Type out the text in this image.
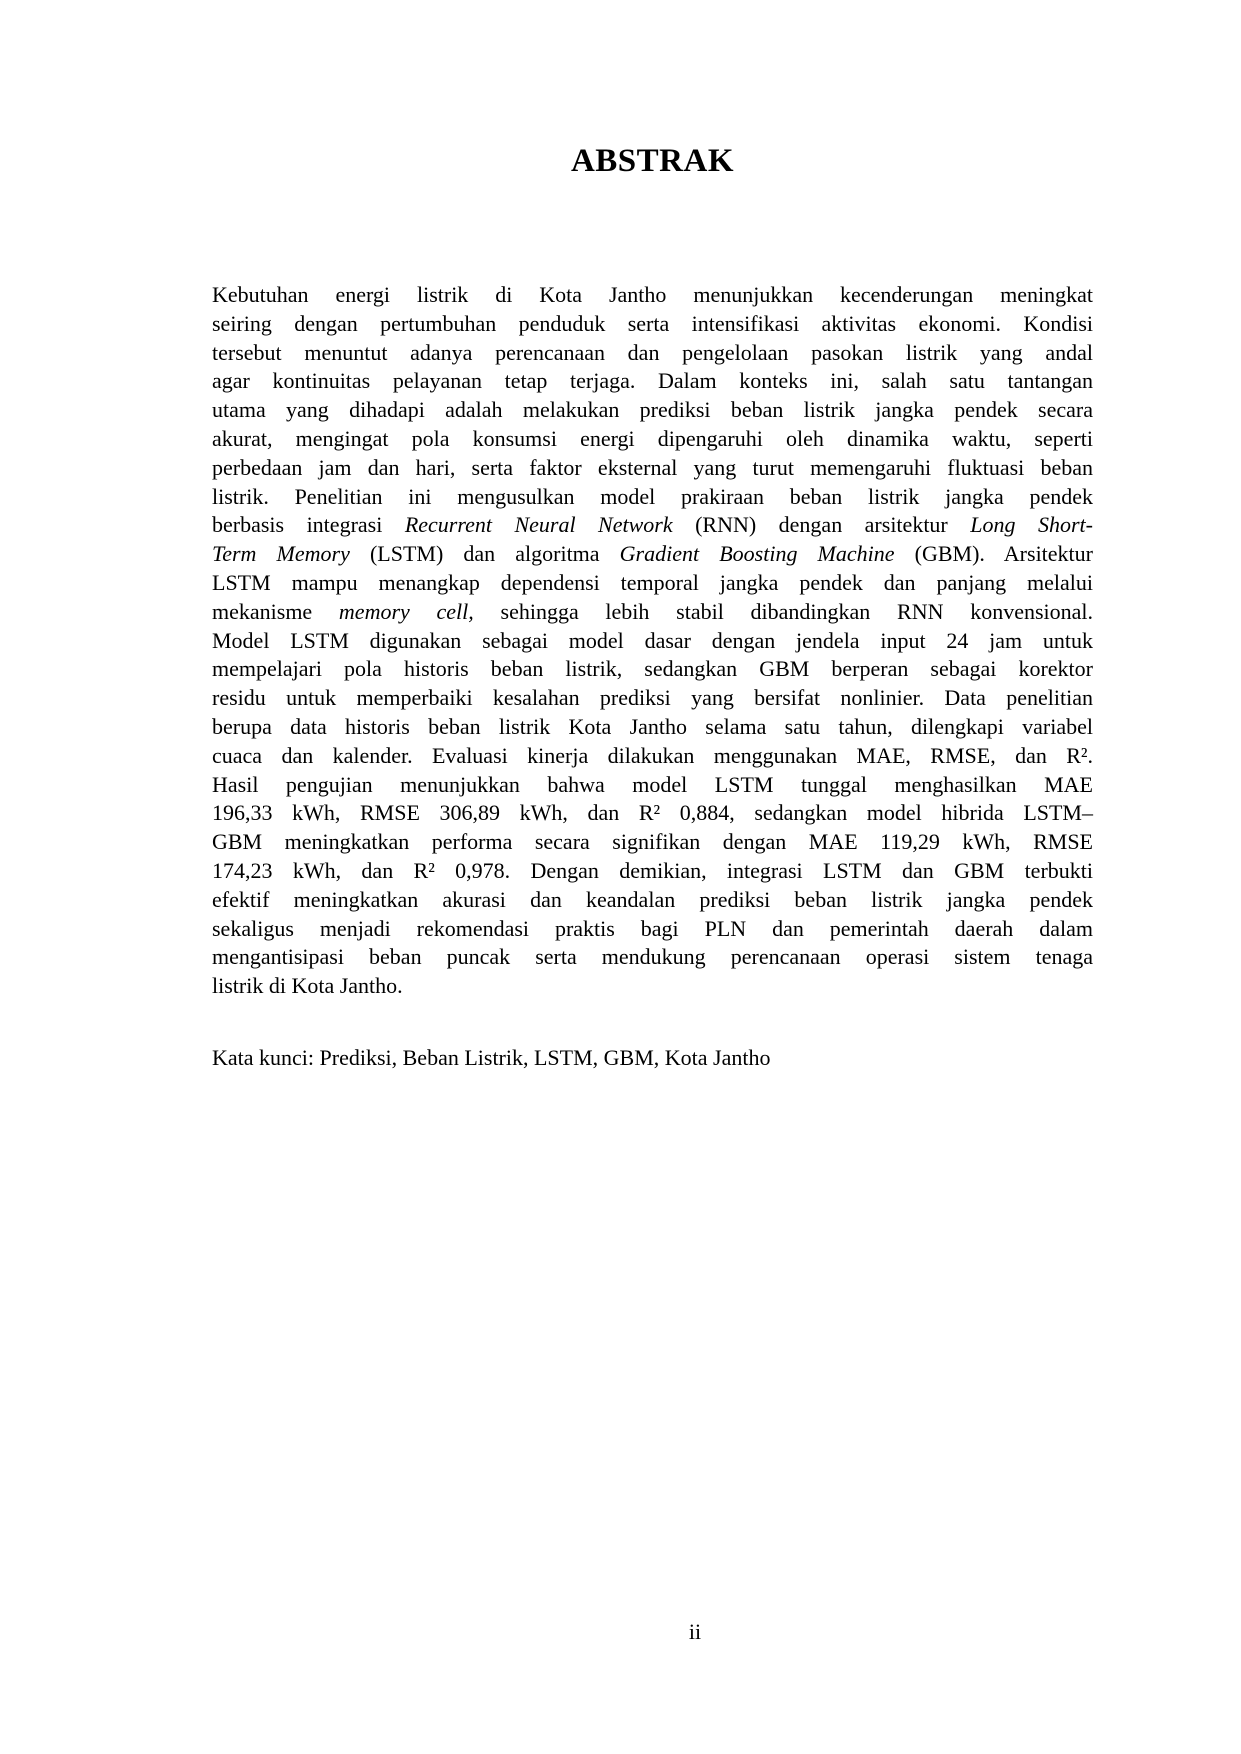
ABSTRAK
Kebutuhan energi listrik di Kota Jantho menunjukkan kecenderungan meningkat
seiring dengan pertumbuhan penduduk serta intensifikasi aktivitas ekonomi. Kondisi
tersebut menuntut adanya perencanaan dan pengelolaan pasokan listrik yang andal
agar kontinuitas pelayanan tetap terjaga. Dalam konteks ini, salah satu tantangan
utama yang dihadapi adalah melakukan prediksi beban listrik jangka pendek secara
akurat, mengingat pola konsumsi energi dipengaruhi oleh dinamika waktu, seperti
perbedaan jam dan hari, serta faktor eksternal yang turut memengaruhi fluktuasi beban
listrik. Penelitian ini mengusulkan model prakiraan beban listrik jangka pendek
berbasis integrasi Recurrent Neural Network (RNN) dengan arsitektur Long Short-
Term Memory (LSTM) dan algoritma Gradient Boosting Machine (GBM). Arsitektur
LSTM mampu menangkap dependensi temporal jangka pendek dan panjang melalui
mekanisme memory cell, sehingga lebih stabil dibandingkan RNN konvensional.
Model LSTM digunakan sebagai model dasar dengan jendela input 24 jam untuk
mempelajari pola historis beban listrik, sedangkan GBM berperan sebagai korektor
residu untuk memperbaiki kesalahan prediksi yang bersifat nonlinier. Data penelitian
berupa data historis beban listrik Kota Jantho selama satu tahun, dilengkapi variabel
cuaca dan kalender. Evaluasi kinerja dilakukan menggunakan MAE, RMSE, dan R².
Hasil pengujian menunjukkan bahwa model LSTM tunggal menghasilkan MAE
196,33 kWh, RMSE 306,89 kWh, dan R² 0,884, sedangkan model hibrida LSTM–
GBM meningkatkan performa secara signifikan dengan MAE 119,29 kWh, RMSE
174,23 kWh, dan R² 0,978. Dengan demikian, integrasi LSTM dan GBM terbukti
efektif meningkatkan akurasi dan keandalan prediksi beban listrik jangka pendek
sekaligus menjadi rekomendasi praktis bagi PLN dan pemerintah daerah dalam
mengantisipasi beban puncak serta mendukung perencanaan operasi sistem tenaga
listrik di Kota Jantho.
Kata kunci: Prediksi, Beban Listrik, LSTM, GBM, Kota Jantho
ii
